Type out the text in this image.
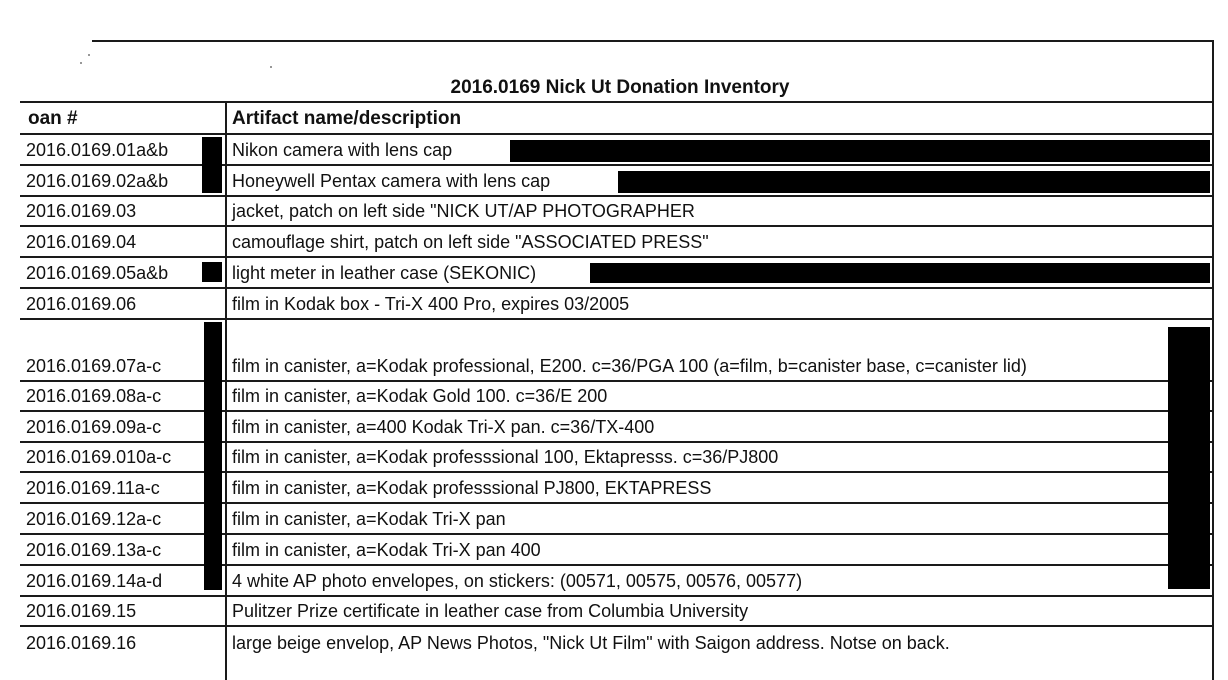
2016.0169 Nick Ut Donation Inventory
oan #	Artifact name/description
2016.0169.01a&b	Nikon camera with lens cap
2016.0169.02a&b	Honeywell Pentax camera with lens cap
2016.0169.03	jacket, patch on left side "NICK UT/AP PHOTOGRAPHER
2016.0169.04	camouflage shirt, patch on left side "ASSOCIATED PRESS"
2016.0169.05a&b	light meter in leather case (SEKONIC)
2016.0169.06	film in Kodak box - Tri-X 400 Pro, expires 03/2005
2016.0169.07a-c	film in canister, a=Kodak professional, E200. c=36/PGA 100 (a=film, b=canister base, c=canister lid)
2016.0169.08a-c	film in canister, a=Kodak Gold 100. c=36/E 200
2016.0169.09a-c	film in canister, a=400 Kodak Tri-X pan. c=36/TX-400
2016.0169.010a-c	film in canister, a=Kodak professsional 100, Ektapresss. c=36/PJ800
2016.0169.11a-c	film in canister, a=Kodak professsional PJ800, EKTAPRESS
2016.0169.12a-c	film in canister, a=Kodak Tri-X pan
2016.0169.13a-c	film in canister, a=Kodak Tri-X pan 400
2016.0169.14a-d	4 white AP photo envelopes, on stickers: (00571, 00575, 00576, 00577)
2016.0169.15	Pulitzer Prize certificate in leather case from Columbia University
2016.0169.16	large beige envelop, AP News Photos, "Nick Ut Film" with Saigon address. Notse on back.
